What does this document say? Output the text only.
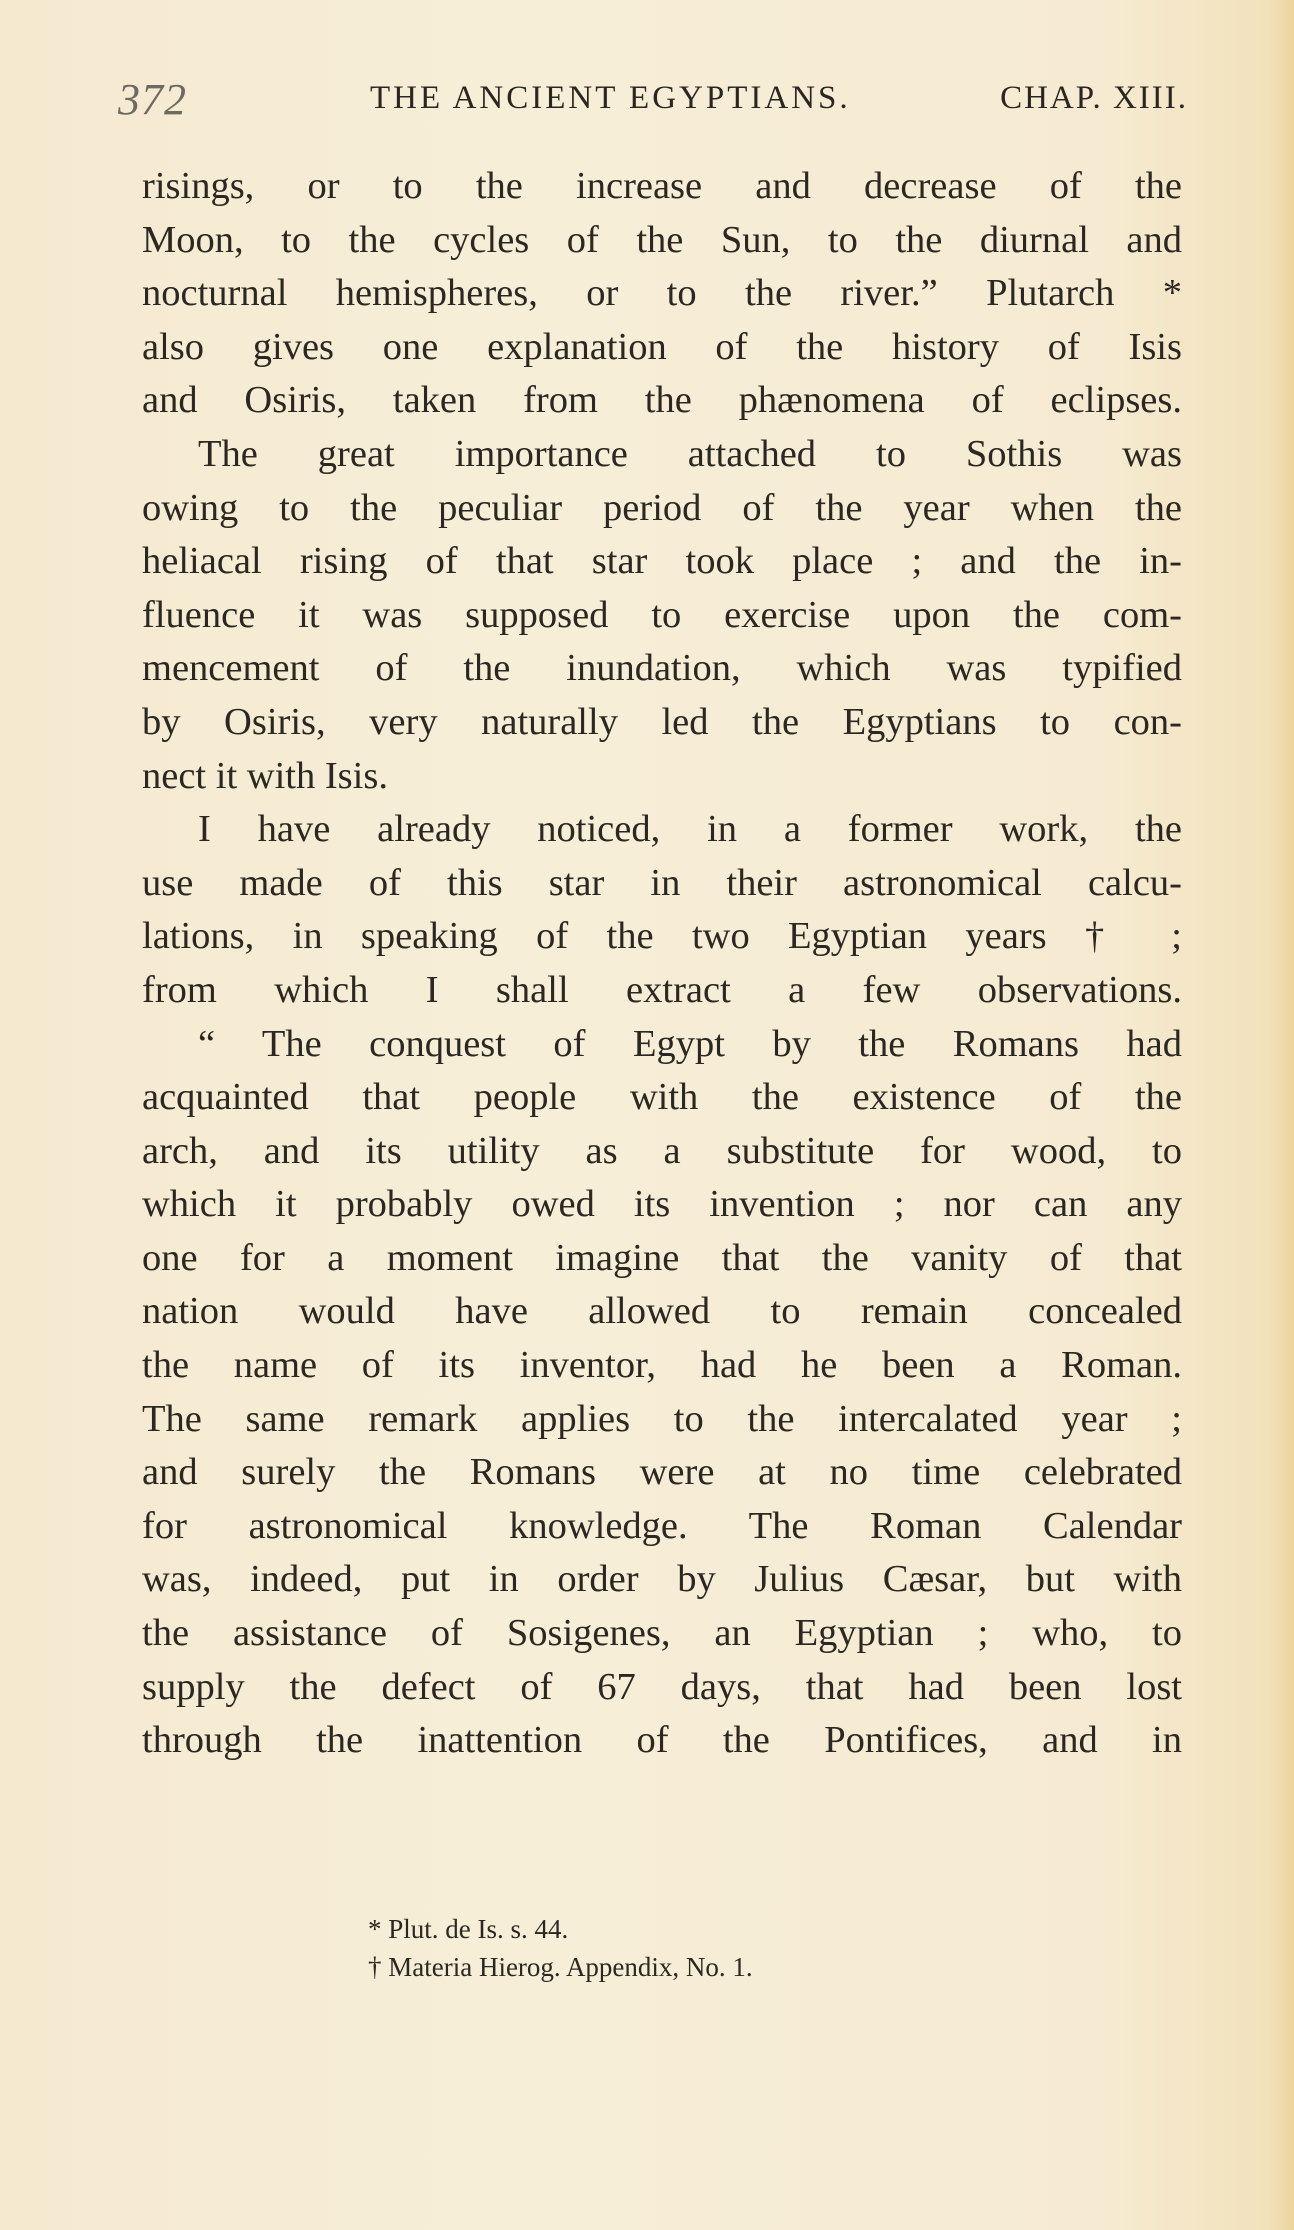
372	THE ANCIENT EGYPTIANS.	CHAP. XIII.
risings, or to the increase and decrease of the
Moon, to the cycles of the Sun, to the diurnal and
nocturnal hemispheres, or to the river.” Plutarch *
also gives one explanation of the history of Isis
and Osiris, taken from the phænomena of eclipses.
The great importance attached to Sothis was
owing to the peculiar period of the year when the
heliacal rising of that star took place ; and the in-
fluence it was supposed to exercise upon the com-
mencement of the inundation, which was typified
by Osiris, very naturally led the Egyptians to con-
nect it with Isis.
I have already noticed, in a former work, the
use made of this star in their astronomical calcu-
lations, in speaking of the two Egyptian years † ;
from which I shall extract a few observations.
“ The conquest of Egypt by the Romans had
acquainted that people with the existence of the
arch, and its utility as a substitute for wood, to
which it probably owed its invention ; nor can any
one for a moment imagine that the vanity of that
nation would have allowed to remain concealed
the name of its inventor, had he been a Roman.
The same remark applies to the intercalated year ;
and surely the Romans were at no time celebrated
for astronomical knowledge. The Roman Calendar
was, indeed, put in order by Julius Cæsar, but with
the assistance of Sosigenes, an Egyptian ; who, to
supply the defect of 67 days, that had been lost
through the inattention of the Pontifices, and in
* Plut. de Is. s. 44.
† Materia Hierog. Appendix, No. 1.
